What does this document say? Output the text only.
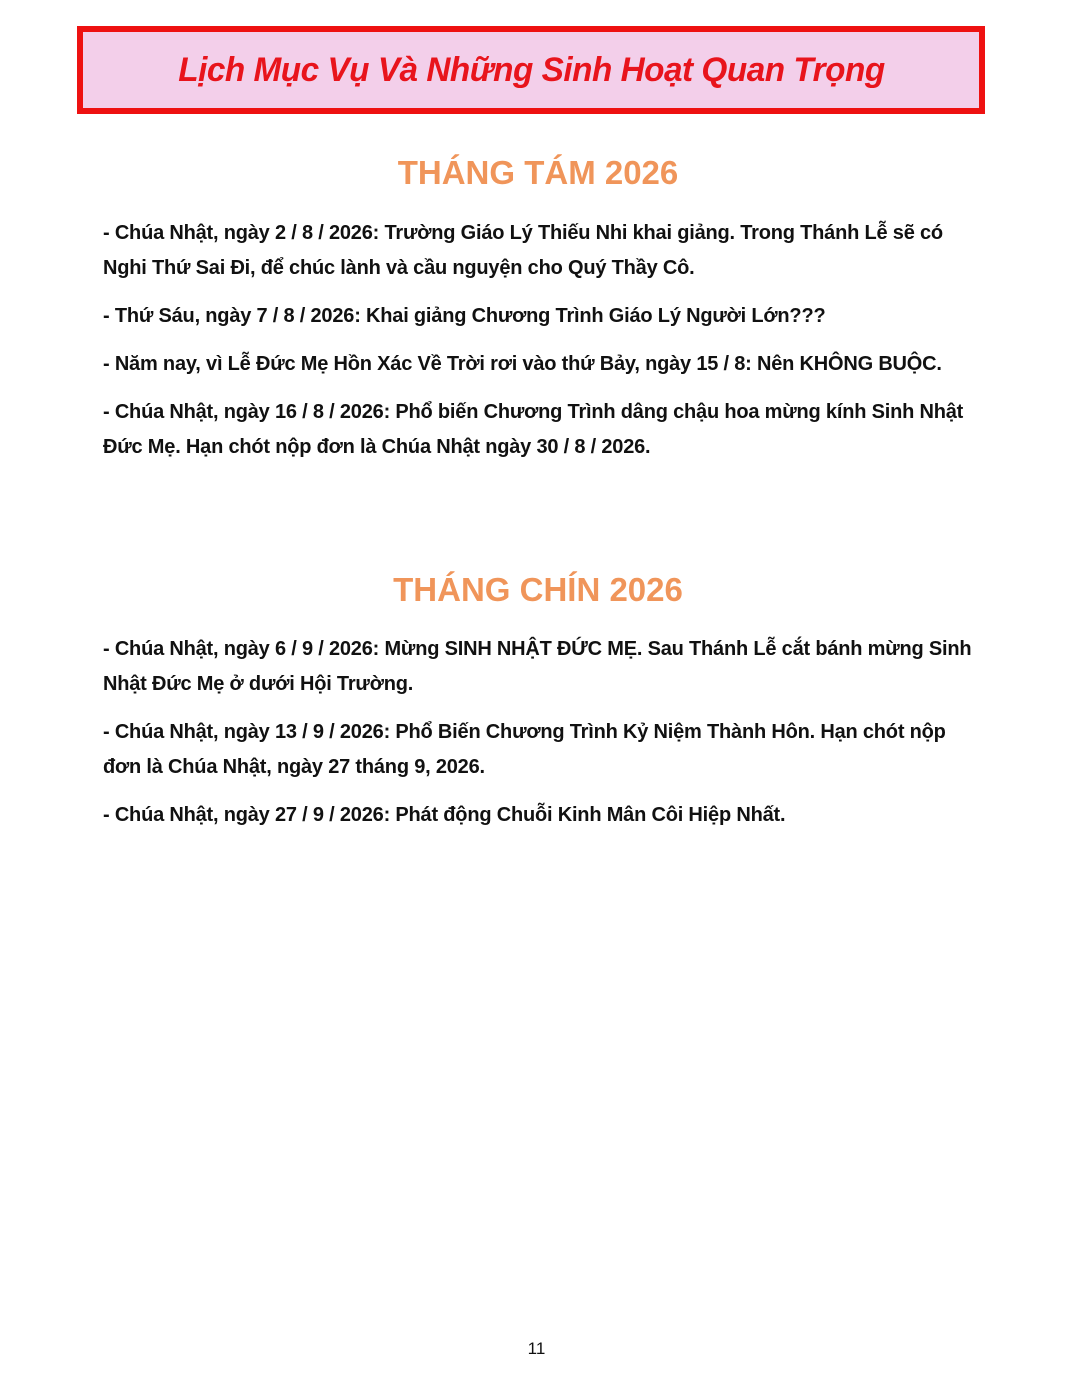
Lịch Mục Vụ Và Những Sinh Hoạt Quan Trọng
THÁNG TÁM 2026

- Chúa Nhật, ngày 2 / 8 / 2026: Trường Giáo Lý Thiếu Nhi khai giảng. Trong Thánh Lễ sẽ có Nghi Thứ Sai Đi, để chúc lành và cầu nguyện cho Quý Thầy Cô.

- Thứ Sáu, ngày 7 / 8 / 2026: Khai giảng Chương Trình Giáo Lý Người Lớn???

- Năm nay, vì Lễ Đức Mẹ Hồn Xác Về Trời rơi vào thứ Bảy, ngày 15 / 8: Nên KHÔNG BUỘC.

- Chúa Nhật, ngày 16 / 8 / 2026: Phổ biến Chương Trình dâng chậu hoa mừng kính Sinh Nhật Đức Mẹ. Hạn chót nộp đơn là Chúa Nhật ngày 30 / 8 / 2026.

THÁNG CHÍN 2026

- Chúa Nhật, ngày 6 / 9 / 2026: Mừng SINH NHẬT ĐỨC MẸ. Sau Thánh Lễ cắt bánh mừng Sinh Nhật Đức Mẹ ở dưới Hội Trường.

- Chúa Nhật, ngày 13 / 9 / 2026: Phổ Biến Chương Trình Kỷ Niệm Thành Hôn. Hạn chót nộp đơn là Chúa Nhật, ngày 27 tháng 9, 2026.

- Chúa Nhật, ngày 27 / 9 / 2026: Phát động Chuỗi Kinh Mân Côi Hiệp Nhất.

11
